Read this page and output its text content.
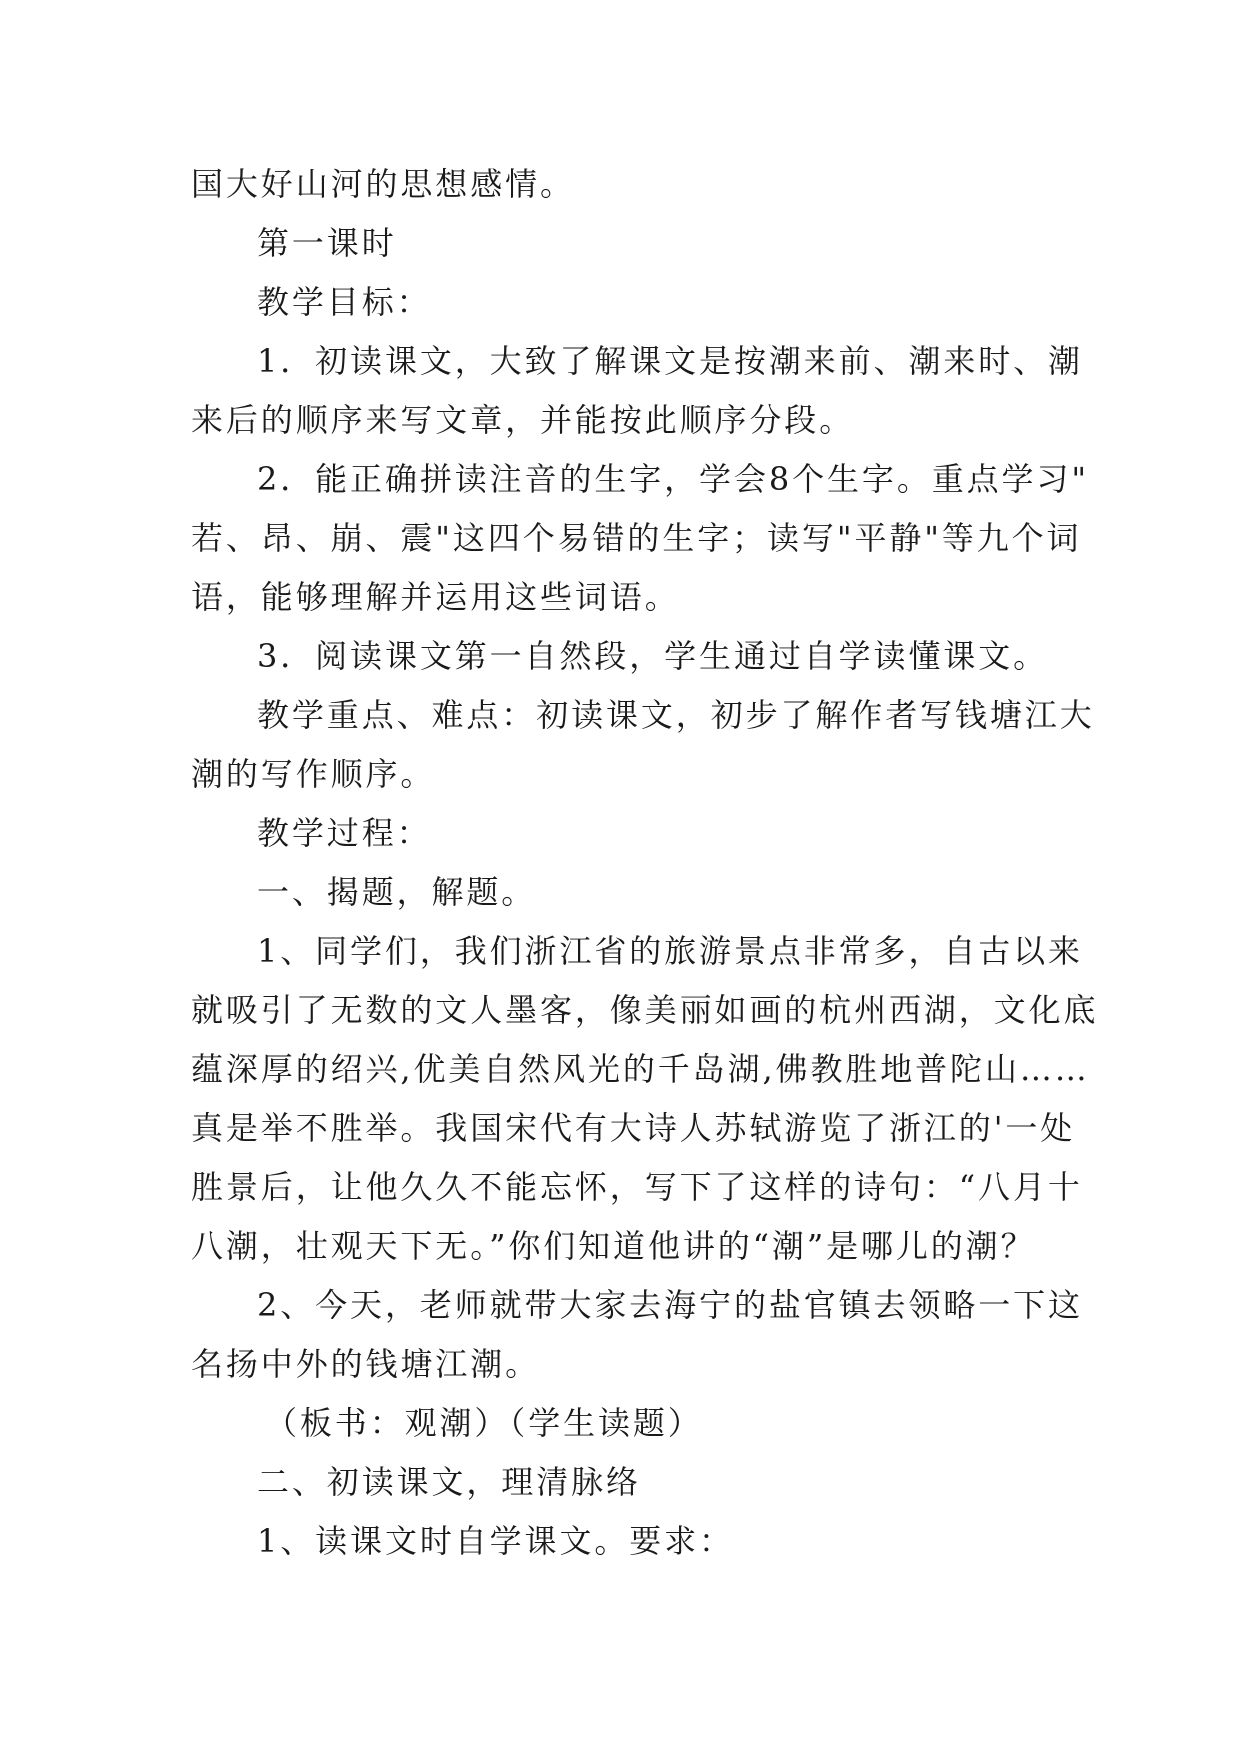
国大好山河的思想感情。
第一课时
教学目标：
1．初读课文，大致了解课文是按潮来前、潮来时、潮
来后的顺序来写文章，并能按此顺序分段。
2．能正确拼读注音的生字，学会8个生字。重点学习"
若、昂、崩、震"这四个易错的生字；读写"平静"等九个词
语，能够理解并运用这些词语。
3．阅读课文第一自然段，学生通过自学读懂课文。
教学重点、难点：初读课文，初步了解作者写钱塘江大
潮的写作顺序。
教学过程：
一、揭题，解题。
1、同学们，我们浙江省的旅游景点非常多，自古以来
就吸引了无数的文人墨客，像美丽如画的杭州西湖，文化底
蕴深厚的绍兴,优美自然风光的千岛湖,佛教胜地普陀山……
真是举不胜举。我国宋代有大诗人苏轼游览了浙江的'一处
胜景后，让他久久不能忘怀，写下了这样的诗句：“八月十
八潮，壮观天下无。”你们知道他讲的“潮”是哪儿的潮？
2、今天，老师就带大家去海宁的盐官镇去领略一下这
名扬中外的钱塘江潮。
（板书：观潮）（学生读题）
二、初读课文，理清脉络
1、读课文时自学课文。要求：
